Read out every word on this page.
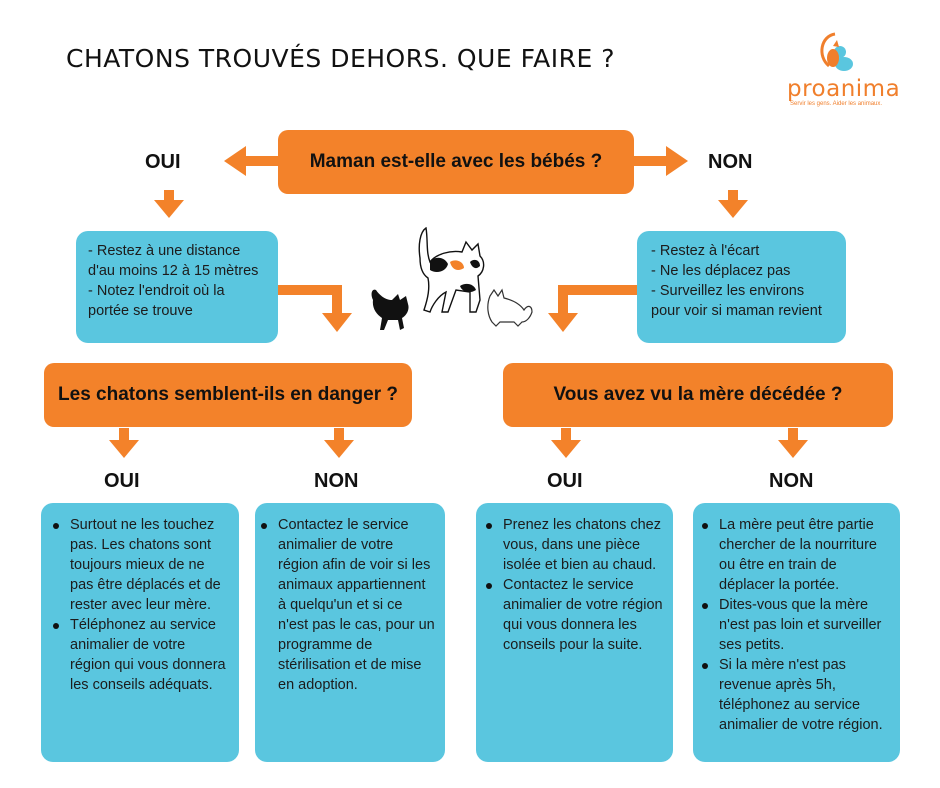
CHATONS TROUVÉS DEHORS. QUE FAIRE ?
proanima
Servir les gens. Aider les animaux.
Maman est-elle avec les bébés ?
OUI	NON
- Restez à une distance d'au moins 12 à 15 mètres
- Notez l'endroit où la portée se trouve
- Restez à l'écart
- Ne les déplacez pas
- Surveillez les environs pour voir si maman revient
Les chatons semblent-ils en danger ?	Vous avez vu la mère décédée ?
OUI	NON	OUI	NON
Surtout ne les touchez pas. Les chatons sont toujours mieux de ne pas être déplacés et de rester avec leur mère.
Téléphonez au service animalier de votre région qui vous donnera les conseils adéquats.
Contactez le service animalier de votre région afin de voir si les animaux appartiennent à quelqu'un et si ce n'est pas le cas, pour un programme de stérilisation et de mise en adoption.
Prenez les chatons chez vous, dans une pièce isolée et bien au chaud.
Contactez le service animalier de votre région qui vous donnera les conseils pour la suite.
La mère peut être partie chercher de la nourriture ou être en train de déplacer la portée.
Dites-vous que la mère n'est pas loin et surveiller ses petits.
Si la mère n'est pas revenue après 5h, téléphonez au service animalier de votre région.
